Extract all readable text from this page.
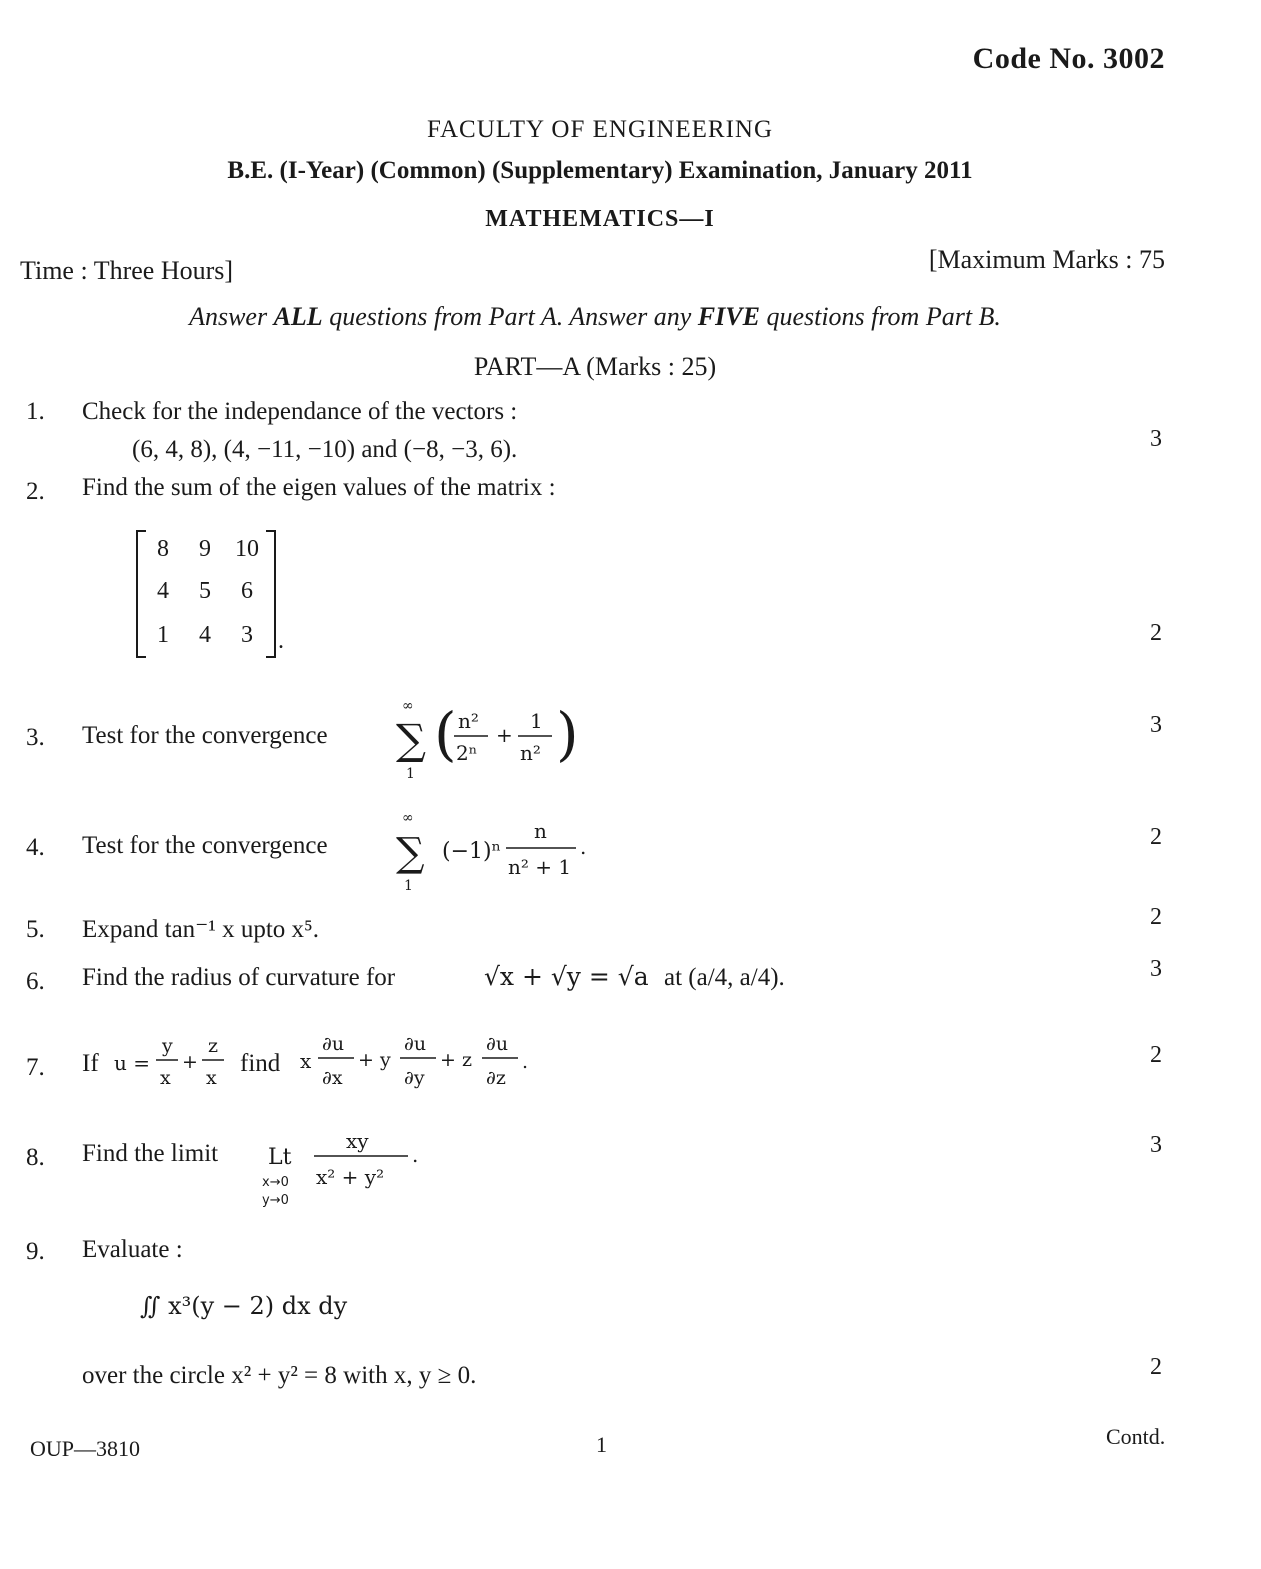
Code No. 3002
FACULTY OF ENGINEERING
B.E. (I-Year) (Common) (Supplementary) Examination, January 2011
MATHEMATICS—I
Time : Three Hours]	[Maximum Marks : 75
Answer ALL questions from Part A. Answer any FIVE questions from Part B.
PART—A (Marks : 25)
1. Check for the independance of the vectors :
(6, 4, 8), (4, −11, −10) and (−8, −3, 6).	3
2. Find the sum of the eigen values of the matrix :
8	9	10
4	5	6
1	4	3	.	2
3. Test for the convergence
∞
∑
1
( n²
2ⁿ
+
1
n² )	3
4. Test for the convergence
∞
∑
1
(−1)ⁿ
n
n² + 1
.	2
5. Expand tan⁻¹ x upto x⁵.	2
6. Find the radius of curvature for	√x + √y = √a at (a/4, a/4).	3
7. If u =
y
x
+
z
x
find x
∂u
∂x
+ y
∂u
∂y
+ z
∂u
∂z
.	2
8. Find the limit Lt
x→0
y→0
xy
x² + y²
.	3
9. Evaluate :
∬ x³(y − 2) dx dy
over the circle x² + y² = 8 with x, y ≥ 0.	2
OUP—3810	1	Contd.
